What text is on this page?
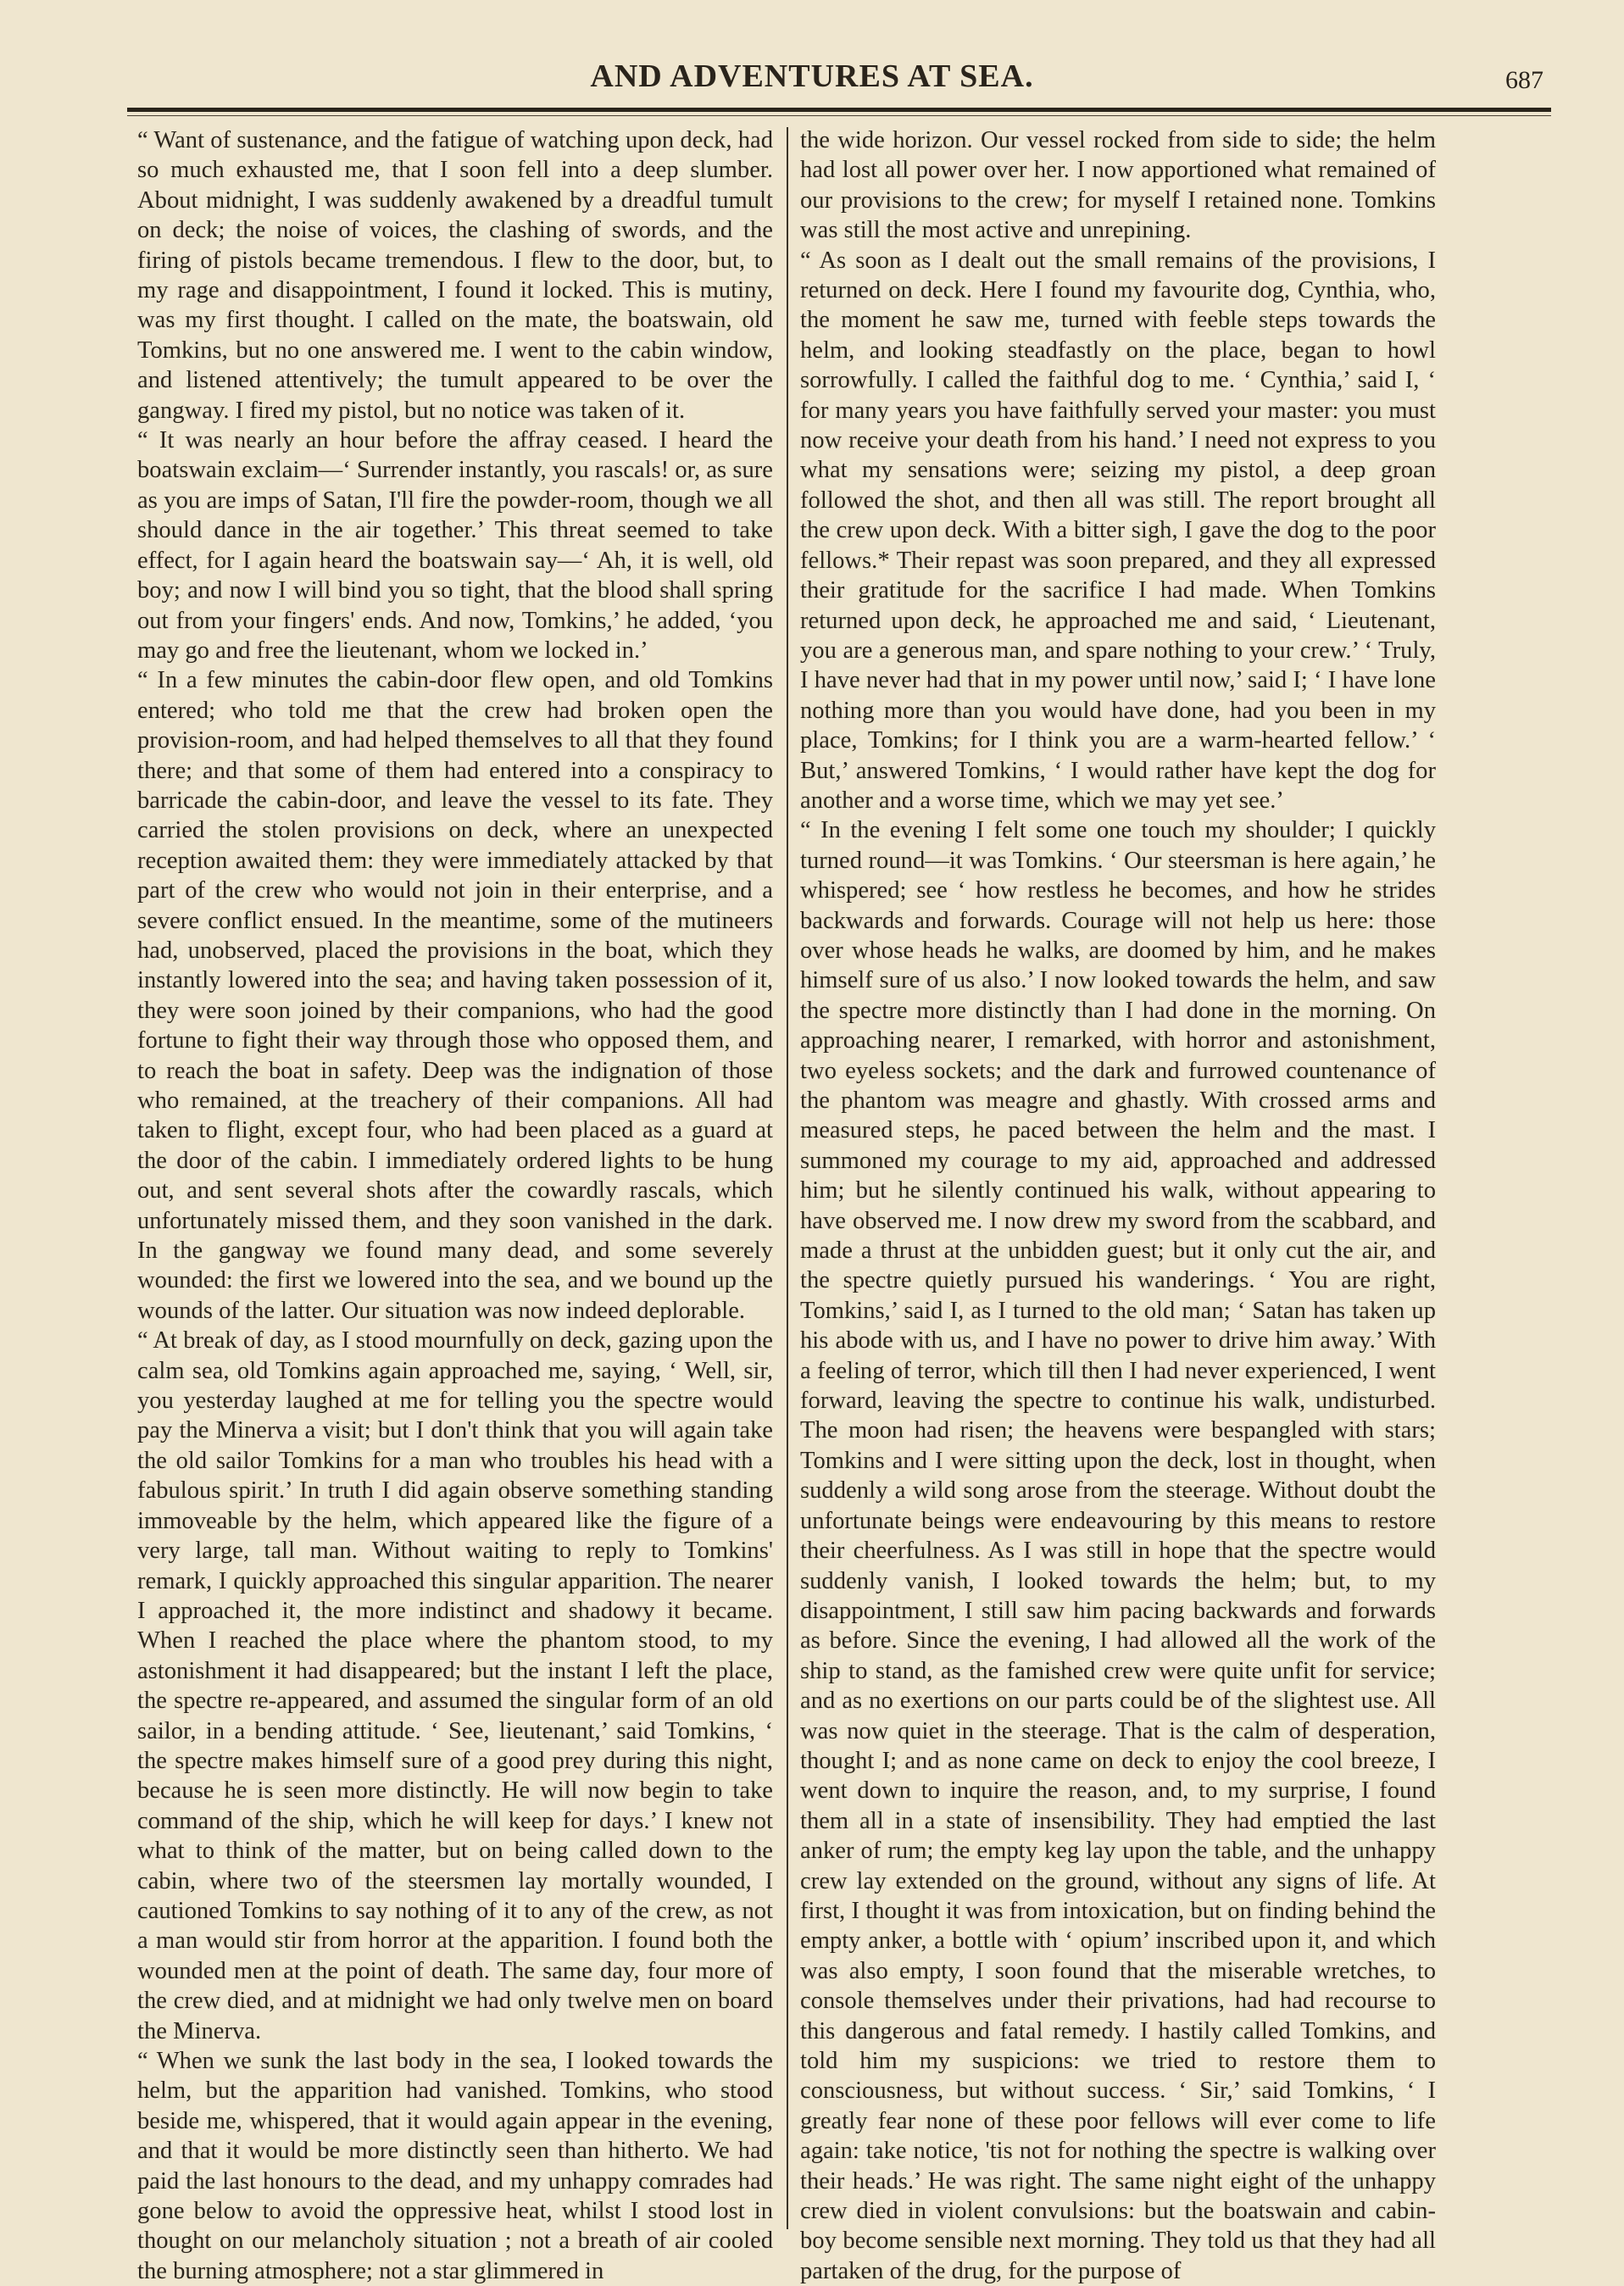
AND ADVENTURES AT SEA.	687

“ Want of sustenance, and the fatigue of watching upon deck, had so much exhausted me, that I soon fell into a deep slumber. About midnight, I was suddenly awakened by a dreadful tumult on deck; the noise of voices, the clashing of swords, and the firing of pistols became tremendous. I flew to the door, but, to my rage and disappointment, I found it locked. This is mutiny, was my first thought. I called on the mate, the boatswain, old Tomkins, but no one answered me. I went to the cabin window, and listened attentively; the tumult appeared to be over the gangway. I fired my pistol, but no notice was taken of it.

“ It was nearly an hour before the affray ceased. I heard the boatswain exclaim—‘ Surrender instantly, you rascals! or, as sure as you are imps of Satan, I'll fire the powder-room, though we all should dance in the air together.’ This threat seemed to take effect, for I again heard the boatswain say—‘ Ah, it is well, old boy; and now I will bind you so tight, that the blood shall spring out from your fingers' ends. And now, Tomkins,’ he added, ‘you may go and free the lieutenant, whom we locked in.’

“ In a few minutes the cabin-door flew open, and old Tomkins entered; who told me that the crew had broken open the provision-room, and had helped themselves to all that they found there; and that some of them had entered into a conspiracy to barricade the cabin-door, and leave the vessel to its fate. They carried the stolen provisions on deck, where an unexpected reception awaited them: they were immediately attacked by that part of the crew who would not join in their enterprise, and a severe conflict ensued. In the meantime, some of the mutineers had, unobserved, placed the provisions in the boat, which they instantly lowered into the sea; and having taken possession of it, they were soon joined by their companions, who had the good fortune to fight their way through those who opposed them, and to reach the boat in safety. Deep was the indignation of those who remained, at the treachery of their companions. All had taken to flight, except four, who had been placed as a guard at the door of the cabin. I immediately ordered lights to be hung out, and sent several shots after the cowardly rascals, which unfortunately missed them, and they soon vanished in the dark. In the gangway we found many dead, and some severely wounded: the first we lowered into the sea, and we bound up the wounds of the latter. Our situation was now indeed deplorable.

“ At break of day, as I stood mournfully on deck, gazing upon the calm sea, old Tomkins again approached me, saying, ‘ Well, sir, you yesterday laughed at me for telling you the spectre would pay the Minerva a visit; but I don't think that you will again take the old sailor Tomkins for a man who troubles his head with a fabulous spirit.’ In truth I did again observe something standing immoveable by the helm, which appeared like the figure of a very large, tall man. Without waiting to reply to Tomkins' remark, I quickly approached this singular apparition. The nearer I approached it, the more indistinct and shadowy it became. When I reached the place where the phantom stood, to my astonishment it had disappeared; but the instant I left the place, the spectre re-appeared, and assumed the singular form of an old sailor, in a bending attitude. ‘ See, lieutenant,’ said Tomkins, ‘ the spectre makes himself sure of a good prey during this night, because he is seen more distinctly. He will now begin to take command of the ship, which he will keep for days.’ I knew not what to think of the matter, but on being called down to the cabin, where two of the steersmen lay mortally wounded, I cautioned Tomkins to say nothing of it to any of the crew, as not a man would stir from horror at the apparition. I found both the wounded men at the point of death. The same day, four more of the crew died, and at midnight we had only twelve men on board the Minerva.

“ When we sunk the last body in the sea, I looked towards the helm, but the apparition had vanished. Tomkins, who stood beside me, whispered, that it would again appear in the evening, and that it would be more distinctly seen than hitherto. We had paid the last honours to the dead, and my unhappy comrades had gone below to avoid the oppressive heat, whilst I stood lost in thought on our melancholy situation ; not a breath of air cooled the burning atmosphere; not a star glimmered in

the wide horizon. Our vessel rocked from side to side; the helm had lost all power over her. I now apportioned what remained of our provisions to the crew; for myself I retained none. Tomkins was still the most active and unrepining.

“ As soon as I dealt out the small remains of the provisions, I returned on deck. Here I found my favourite dog, Cynthia, who, the moment he saw me, turned with feeble steps towards the helm, and looking steadfastly on the place, began to howl sorrowfully. I called the faithful dog to me. ‘ Cynthia,’ said I, ‘ for many years you have faithfully served your master: you must now receive your death from his hand.’ I need not express to you what my sensations were; seizing my pistol, a deep groan followed the shot, and then all was still. The report brought all the crew upon deck. With a bitter sigh, I gave the dog to the poor fellows.* Their repast was soon prepared, and they all expressed their gratitude for the sacrifice I had made. When Tomkins returned upon deck, he approached me and said, ‘ Lieutenant, you are a generous man, and spare nothing to your crew.’ ‘ Truly, I have never had that in my power until now,’ said I; ‘ I have lone nothing more than you would have done, had you been in my place, Tomkins; for I think you are a warm-hearted fellow.’ ‘ But,’ answered Tomkins, ‘ I would rather have kept the dog for another and a worse time, which we may yet see.’

“ In the evening I felt some one touch my shoulder; I quickly turned round—it was Tomkins. ‘ Our steersman is here again,’ he whispered; see ‘ how restless he becomes, and how he strides backwards and forwards. Courage will not help us here: those over whose heads he walks, are doomed by him, and he makes himself sure of us also.’ I now looked towards the helm, and saw the spectre more distinctly than I had done in the morning. On approaching nearer, I remarked, with horror and astonishment, two eyeless sockets; and the dark and furrowed countenance of the phantom was meagre and ghastly. With crossed arms and measured steps, he paced between the helm and the mast. I summoned my courage to my aid, approached and addressed him; but he silently continued his walk, without appearing to have observed me. I now drew my sword from the scabbard, and made a thrust at the unbidden guest; but it only cut the air, and the spectre quietly pursued his wanderings. ‘ You are right, Tomkins,’ said I, as I turned to the old man; ‘ Satan has taken up his abode with us, and I have no power to drive him away.’ With a feeling of terror, which till then I had never experienced, I went forward, leaving the spectre to continue his walk, undisturbed. The moon had risen; the heavens were bespangled with stars; Tomkins and I were sitting upon the deck, lost in thought, when suddenly a wild song arose from the steerage. Without doubt the unfortunate beings were endeavouring by this means to restore their cheerfulness. As I was still in hope that the spectre would suddenly vanish, I looked towards the helm; but, to my disappointment, I still saw him pacing backwards and forwards as before. Since the evening, I had allowed all the work of the ship to stand, as the famished crew were quite unfit for service; and as no exertions on our parts could be of the slightest use. All was now quiet in the steerage. That is the calm of desperation, thought I; and as none came on deck to enjoy the cool breeze, I went down to inquire the reason, and, to my surprise, I found them all in a state of insensibility. They had emptied the last anker of rum; the empty keg lay upon the table, and the unhappy crew lay extended on the ground, without any signs of life. At first, I thought it was from intoxication, but on finding behind the empty anker, a bottle with ‘ opium’ inscribed upon it, and which was also empty, I soon found that the miserable wretches, to console themselves under their privations, had had recourse to this dangerous and fatal remedy. I hastily called Tomkins, and told him my suspicions: we tried to restore them to consciousness, but without success. ‘ Sir,’ said Tomkins, ‘ I greatly fear none of these poor fellows will ever come to life again: take notice, 'tis not for nothing the spectre is walking over their heads.’ He was right. The same night eight of the unhappy crew died in violent convulsions: but the boatswain and cabin-boy become sensible next morning. They told us that they had all partaken of the drug, for the purpose of
